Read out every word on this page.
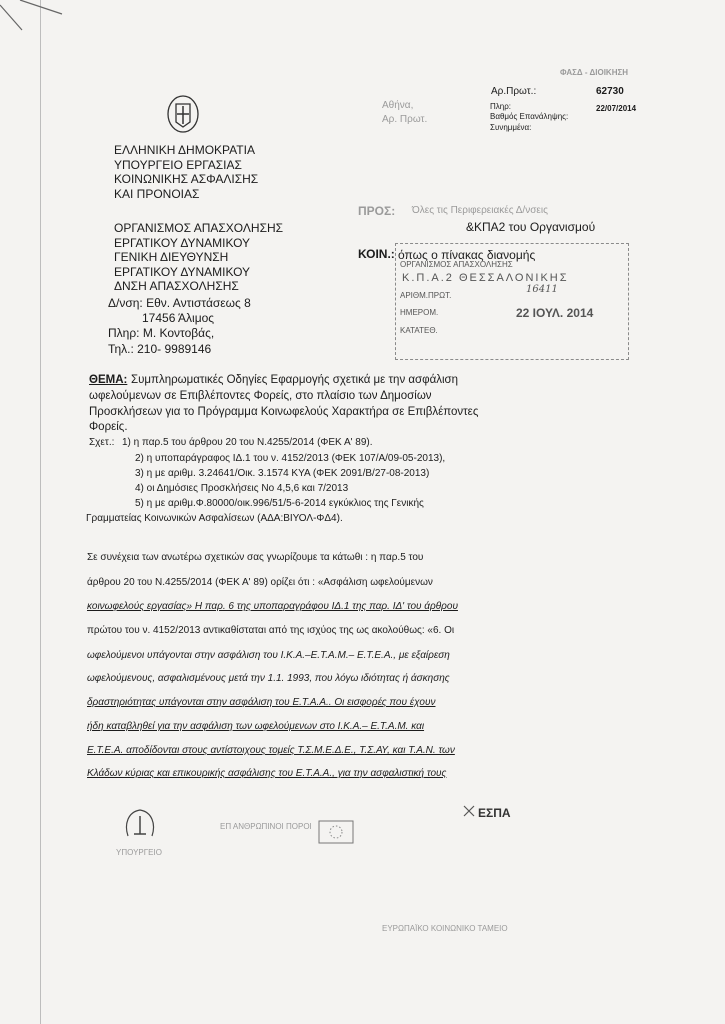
ΦΑΣΔ - ΔΙΟΙΚΗΣΗ
Αρ.Πρωτ.:	62730
Πληρ:
Βαθμός Επανάληψης:
Συνημμένα:
22/07/2014
Αθήνα,
Αρ. Πρωτ.
ΕΛΛΗΝΙΚΗ ΔΗΜΟΚΡΑΤΙΑ
ΥΠΟΥΡΓΕΙΟ ΕΡΓΑΣΙΑΣ
ΚΟΙΝΩΝΙΚΗΣ ΑΣΦΑΛΙΣΗΣ
ΚΑΙ ΠΡΟΝΟΙΑΣ
ΟΡΓΑΝΙΣΜΟΣ ΑΠΑΣΧΟΛΗΣΗΣ
ΕΡΓΑΤΙΚΟΥ ΔΥΝΑΜΙΚΟΥ
ΓΕΝΙΚΗ ΔΙΕΥΘΥΝΣΗ
ΕΡΓΑΤΙΚΟΥ ΔΥΝΑΜΙΚΟΥ
ΔΝΣΗ ΑΠΑΣΧΟΛΗΣΗΣ
Δ/νση: Εθν. Αντιστάσεως 8
17456 Άλιμος
Πληρ: Μ. Κοντοβάς,
Τηλ.: 210- 9989146
ΠΡΟΣ: Όλες τις Περιφερειακές Δ/νσεις
&ΚΠΑ2 του Οργανισμού
ΚΟΙΝ.: όπως ο πίνακας διανομής
ΟΡΓΑΝΙΣΜΟΣ ΑΠΑΣΧΟΛΗΣΗΣ
Κ.Π.Α.2 ΘΕΣΣΑΛΟΝΙΚΗΣ
ΑΡΙΘΜ.ΠΡΩΤ.
16411
ΗΜΕΡΟΜ.	22 ΙΟΥΛ. 2014
ΚΑΤΑΤΕΘ.
ΘΕΜΑ: Συμπληρωματικές Οδηγίες Εφαρμογής σχετικά με την ασφάλιση
ωφελούμενων σε Επιβλέποντες Φορείς, στο πλαίσιο των Δημοσίων
Προσκλήσεων για το Πρόγραμμα Κοινωφελούς Χαρακτήρα σε Επιβλέποντες
Φορείς.
Σχετ.: 1) η παρ.5 του άρθρου 20 του Ν.4255/2014 (ΦΕΚ Α' 89).
2) η υποπαράγραφος ΙΔ.1 του ν. 4152/2013 (ΦΕΚ 107/Α/09-05-2013),
3) η με αριθμ. 3.24641/Οικ. 3.1574 ΚΥΑ (ΦΕΚ 2091/Β/27-08-2013)
4) οι Δημόσιες Προσκλήσεις Νο 4,5,6 και 7/2013
5) η με αριθμ.Φ.80000/οικ.996/51/5-6-2014 εγκύκλιος της Γενικής
Γραμματείας Κοινωνικών Ασφαλίσεων (ΑΔΑ:ΒΙΥΟΛ-ΦΔ4).
Σε συνέχεια των ανωτέρω σχετικών σας γνωρίζουμε τα κάτωθι : η παρ.5 του
άρθρου 20 του Ν.4255/2014 (ΦΕΚ Α' 89) ορίζει ότι : «Ασφάλιση ωφελούμενων
κοινωφελούς εργασίας» Η παρ. 6 της υποπαραγράφου ΙΔ.1 της παρ. ΙΔ' του άρθρου
πρώτου του ν. 4152/2013 αντικαθίσταται από της ισχύος της ως ακολούθως: «6. Οι
ωφελούμενοι υπάγονται στην ασφάλιση του Ι.Κ.Α.–Ε.Τ.Α.Μ.– Ε.Τ.Ε.Α., με εξαίρεση
ωφελούμενους, ασφαλισμένους μετά την 1.1. 1993, που λόγω ιδιότητας ή άσκησης
δραστηριότητας υπάγονται στην ασφάλιση του Ε.Τ.Α.Α.. Οι εισφορές που έχουν
ήδη καταβληθεί για την ασφάλιση των ωφελούμενων στο Ι.Κ.Α.– Ε.Τ.Α.Μ. και
Ε.Τ.Ε.Α. αποδίδονται στους αντίστοιχους τομείς Τ.Σ.Μ.Ε.Δ.Ε., Τ.Σ.ΑΥ, και Τ.Α.Ν. των
Κλάδων κύριας και επικουρικής ασφάλισης του Ε.Τ.Α.Α., για την ασφαλιστική τους
ΥΠΟΥΡΓΕΙΟ
ΕΠ ΑΝΘΡΩΠΙΝΟΙ ΠΟΡΟΙ
ΕΣΠΑ
ΕΥΡΩΠΑΪΚΟ ΚΟΙΝΩΝΙΚΟ ΤΑΜΕΙΟ
